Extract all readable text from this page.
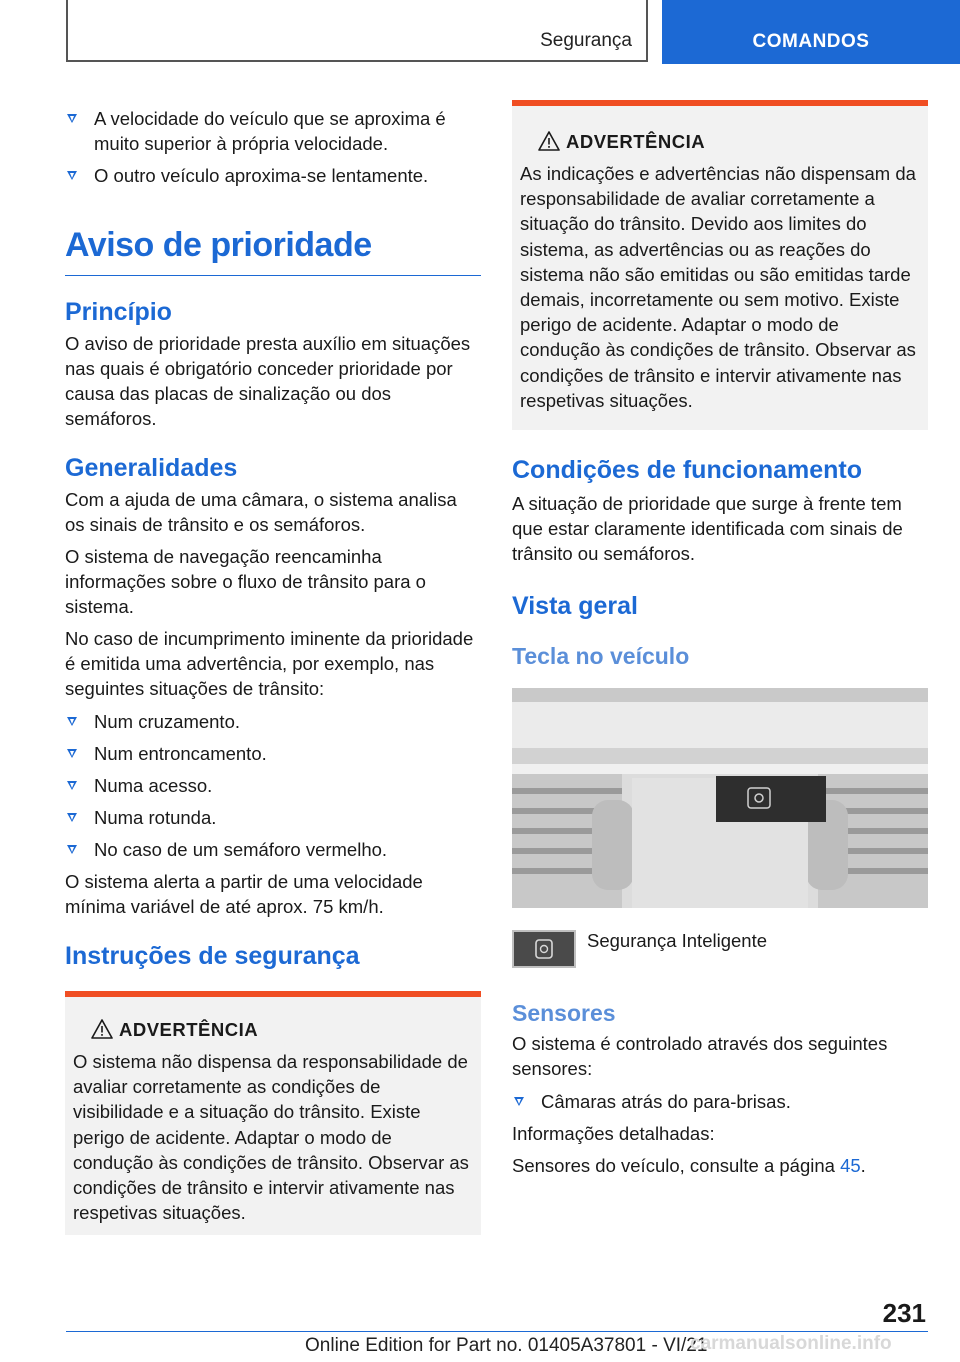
Segurança	COMANDOS
A velocidade do veículo que se aproxima é muito superior à própria velocidade.
O outro veículo aproxima-se lentamente.
Aviso de prioridade
Princípio

O aviso de prioridade presta auxílio em situações nas quais é obrigatório conceder prioridade por causa das placas de sinalização ou dos semáforos.

Generalidades

Com a ajuda de uma câmara, o sistema analisa os sinais de trânsito e os semáforos.

O sistema de navegação reencaminha informações sobre o fluxo de trânsito para o sistema.

No caso de incumprimento iminente da prioridade é emitida uma advertência, por exemplo, nas seguintes situações de trânsito:

Num cruzamento.
Num entroncamento.
Numa acesso.
Numa rotunda.
No caso de um semáforo vermelho.

O sistema alerta a partir de uma velocidade mínima variável de até aprox. 75 km/h.

Instruções de segurança
ADVERTÊNCIA

O sistema não dispensa da responsabilidade de avaliar corretamente as condições de visibilidade e a situação do trânsito. Existe perigo de acidente. Adaptar o modo de condução às condições de trânsito. Observar as condições de trânsito e intervir ativamente nas respetivas situações.

ADVERTÊNCIA

As indicações e advertências não dispensam da responsabilidade de avaliar corretamente a situação do trânsito. Devido aos limites do sistema, as advertências ou as reações do sistema não são emitidas ou são emitidas tarde demais, incorretamente ou sem motivo. Existe perigo de acidente. Adaptar o modo de condução às condições de trânsito. Observar as condições de trânsito e intervir ativamente nas respetivas situações.

Condições de funcionamento

A situação de prioridade que surge à frente tem que estar claramente identificada com sinais de trânsito ou semáforos.

Vista geral
Tecla no veículo
Segurança Inteligente
Sensores

O sistema é controlado através dos seguintes sensores:

Câmaras atrás do para-brisas.

Informações detalhadas:

Sensores do veículo, consulte a página 45.

231
Online Edition for Part no. 01405A37801 - VI/21
carmanualsonline.info
